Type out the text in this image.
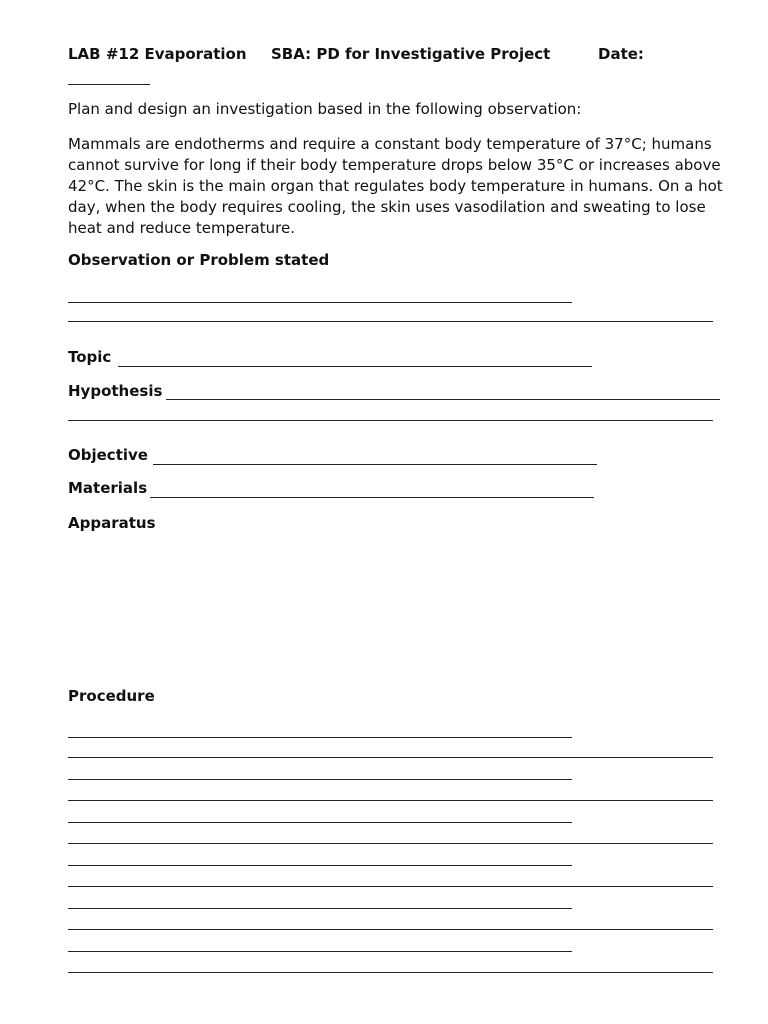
LAB #12 Evaporation SBA: PD for Investigative Project	Date:
Plan and design an investigation based in the following observation:
Mammals are endotherms and require a constant body temperature of 37°C; humans cannot survive for long if their body temperature drops below 35°C or increases above 42°C. The skin is the main organ that regulates body temperature in humans. On a hot day, when the body requires cooling, the skin uses vasodilation and sweating to lose heat and reduce temperature.
Observation or Problem stated
Topic
Hypothesis
Objective
Materials
Apparatus
Procedure
